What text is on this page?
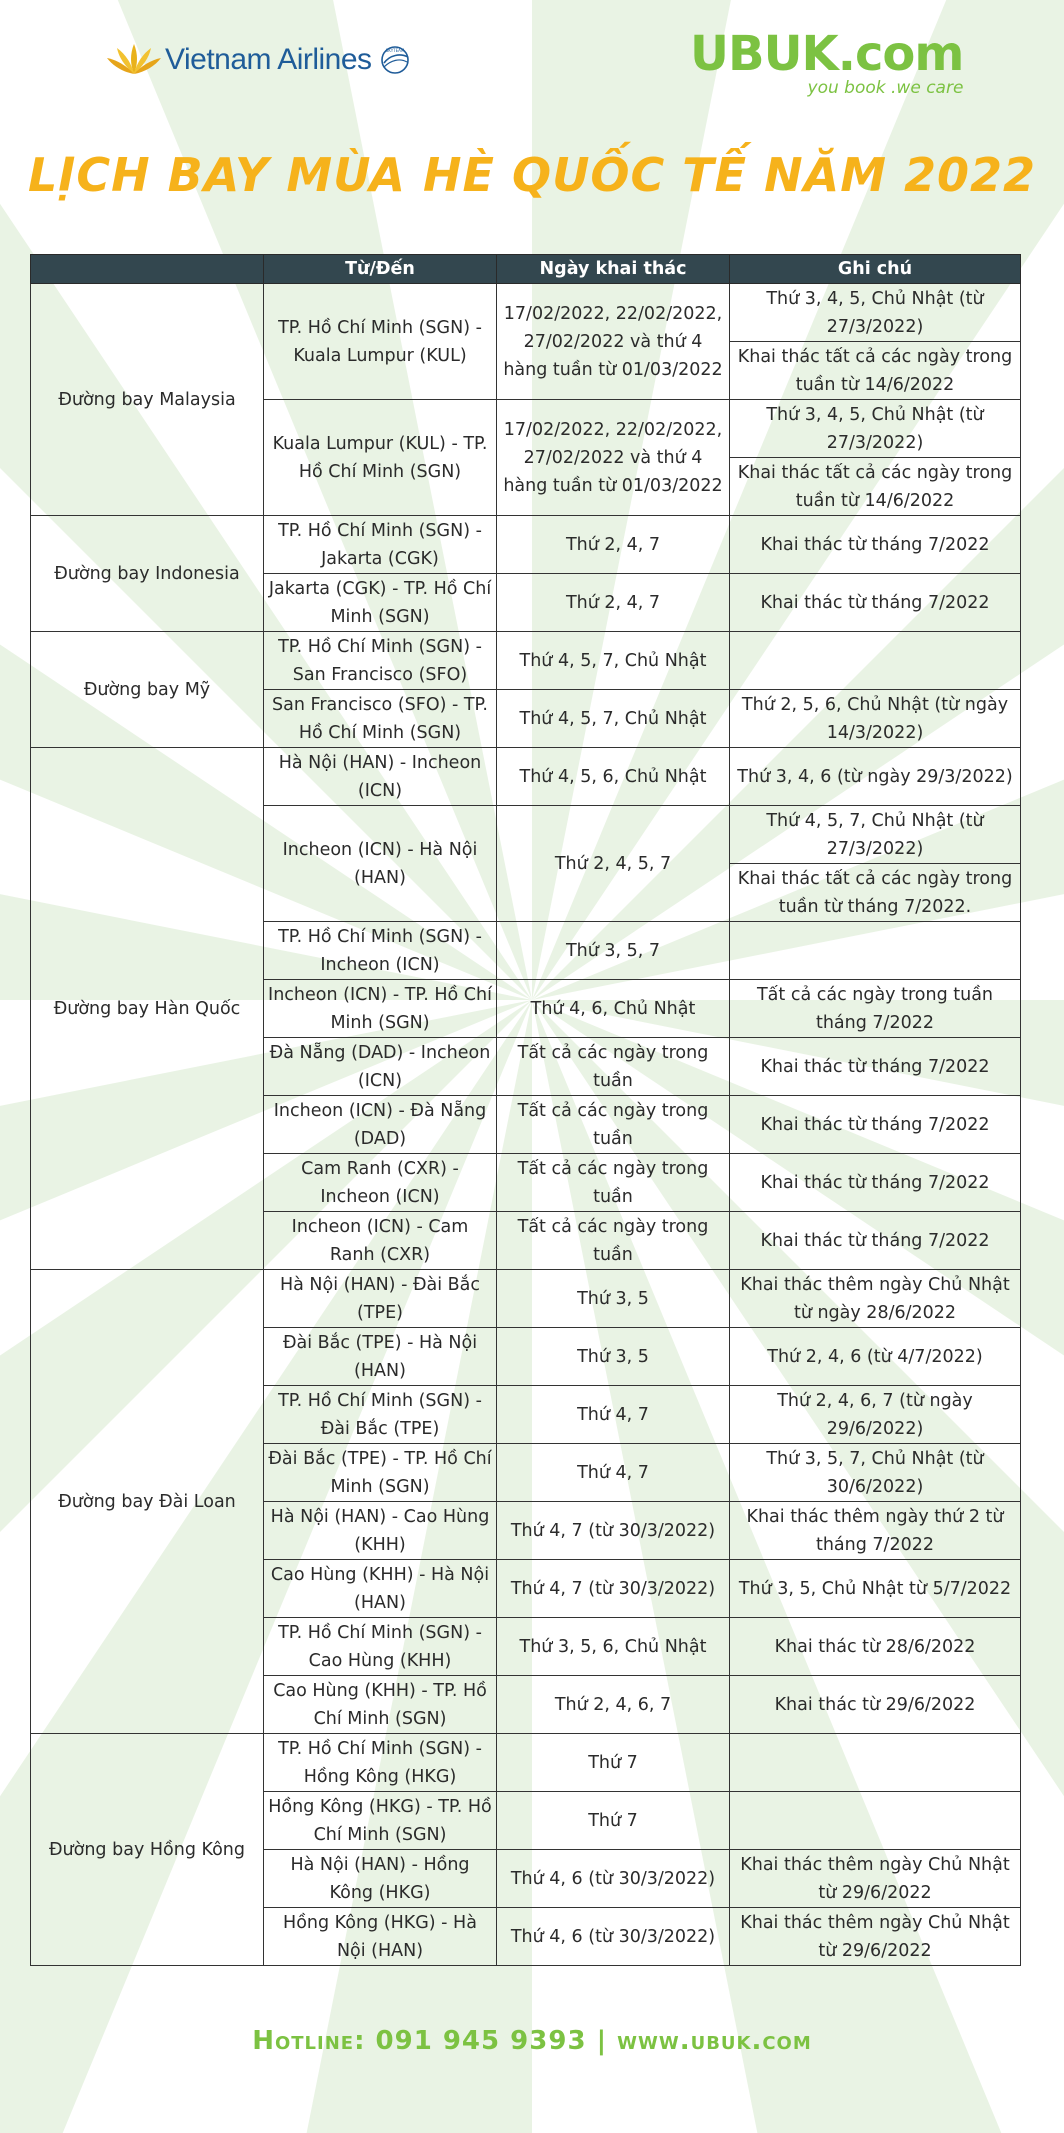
Vietnam Airlines	SKYTEAM	UBUK.com
you book .we care
LỊCH BAY MÙA HÈ QUỐC TẾ NĂM 2022
	Từ/Đến	Ngày khai thác	Ghi chú
Đường bay Malaysia	TP. Hồ Chí Minh (SGN) - Kuala Lumpur (KUL)	17/02/2022, 22/02/2022, 27/02/2022 và thứ 4 hàng tuần từ 01/03/2022	Thứ 3, 4, 5, Chủ Nhật (từ 27/3/2022)
			Khai thác tất cả các ngày trong tuần từ 14/6/2022
	Kuala Lumpur (KUL) - TP. Hồ Chí Minh (SGN)	17/02/2022, 22/02/2022, 27/02/2022 và thứ 4 hàng tuần từ 01/03/2022	Thứ 3, 4, 5, Chủ Nhật (từ 27/3/2022)
			Khai thác tất cả các ngày trong tuần từ 14/6/2022
Đường bay Indonesia	TP. Hồ Chí Minh (SGN) - Jakarta (CGK)	Thứ 2, 4, 7	Khai thác từ tháng 7/2022
	Jakarta (CGK) - TP. Hồ Chí Minh (SGN)	Thứ 2, 4, 7	Khai thác từ tháng 7/2022
Đường bay Mỹ	TP. Hồ Chí Minh (SGN) - San Francisco (SFO)	Thứ 4, 5, 7, Chủ Nhật	
	San Francisco (SFO) - TP. Hồ Chí Minh (SGN)	Thứ 4, 5, 7, Chủ Nhật	Thứ 2, 5, 6, Chủ Nhật (từ ngày 14/3/2022)
Đường bay Hàn Quốc	Hà Nội (HAN) - Incheon (ICN)	Thứ 4, 5, 6, Chủ Nhật	Thứ 3, 4, 6 (từ ngày 29/3/2022)
	Incheon (ICN) - Hà Nội (HAN)	Thứ 2, 4, 5, 7	Thứ 4, 5, 7, Chủ Nhật (từ 27/3/2022)
			Khai thác tất cả các ngày trong tuần từ tháng 7/2022.
	TP. Hồ Chí Minh (SGN) - Incheon (ICN)	Thứ 3, 5, 7	
	Incheon (ICN) - TP. Hồ Chí Minh (SGN)	Thứ 4, 6, Chủ Nhật	Tất cả các ngày trong tuần tháng 7/2022
	Đà Nẵng (DAD) - Incheon (ICN)	Tất cả các ngày trong tuần	Khai thác từ tháng 7/2022
	Incheon (ICN) - Đà Nẵng (DAD)	Tất cả các ngày trong tuần	Khai thác từ tháng 7/2022
	Cam Ranh (CXR) - Incheon (ICN)	Tất cả các ngày trong tuần	Khai thác từ tháng 7/2022
	Incheon (ICN) - Cam Ranh (CXR)	Tất cả các ngày trong tuần	Khai thác từ tháng 7/2022
Đường bay Đài Loan	Hà Nội (HAN) - Đài Bắc (TPE)	Thứ 3, 5	Khai thác thêm ngày Chủ Nhật từ ngày 28/6/2022
	Đài Bắc (TPE) - Hà Nội (HAN)	Thứ 3, 5	Thứ 2, 4, 6 (từ 4/7/2022)
	TP. Hồ Chí Minh (SGN) - Đài Bắc (TPE)	Thứ 4, 7	Thứ 2, 4, 6, 7 (từ ngày 29/6/2022)
	Đài Bắc (TPE) - TP. Hồ Chí Minh (SGN)	Thứ 4, 7	Thứ 3, 5, 7, Chủ Nhật (từ 30/6/2022)
	Hà Nội (HAN) - Cao Hùng (KHH)	Thứ 4, 7 (từ 30/3/2022)	Khai thác thêm ngày thứ 2 từ tháng 7/2022
	Cao Hùng (KHH) - Hà Nội (HAN)	Thứ 4, 7 (từ 30/3/2022)	Thứ 3, 5, Chủ Nhật từ 5/7/2022
	TP. Hồ Chí Minh (SGN) - Cao Hùng (KHH)	Thứ 3, 5, 6, Chủ Nhật	Khai thác từ 28/6/2022
	Cao Hùng (KHH) - TP. Hồ Chí Minh (SGN)	Thứ 2, 4, 6, 7	Khai thác từ 29/6/2022
Đường bay Hồng Kông	TP. Hồ Chí Minh (SGN) - Hồng Kông (HKG)	Thứ 7	
	Hồng Kông (HKG) - TP. Hồ Chí Minh (SGN)	Thứ 7	
	Hà Nội (HAN) - Hồng Kông (HKG)	Thứ 4, 6 (từ 30/3/2022)	Khai thác thêm ngày Chủ Nhật từ 29/6/2022
	Hồng Kông (HKG) - Hà Nội (HAN)	Thứ 4, 6 (từ 30/3/2022)	Khai thác thêm ngày Chủ Nhật từ 29/6/2022
Hotline: 091 945 9393 | www.ubuk.com
